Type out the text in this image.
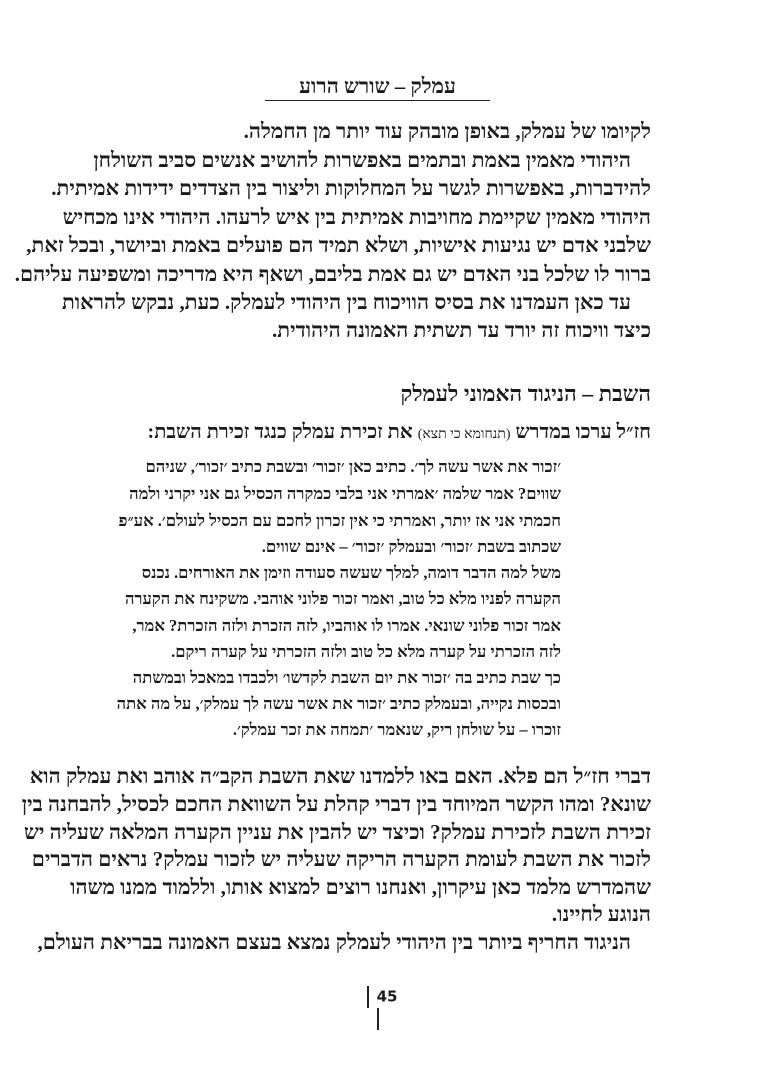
עמלק – שורש הרוע
לקיומו של עמלק, באופן מובהק עוד יותר מן החמלה.
היהודי מאמין באמת ובתמים באפשרות להושיב אנשים סביב השולחן
להידברות, באפשרות לגשר על המחלוקות וליצור בין הצדדים ידידות אמיתית.
היהודי מאמין שקיימת מחויבות אמיתית בין איש לרעהו. היהודי אינו מכחיש
שלבני אדם יש נגיעות אישיות, ושלא תמיד הם פועלים באמת וביושר, ובכל זאת,
ברור לו שלכל בני האדם יש גם אמת בליבם, ושאף היא מדריכה ומשפיעה עליהם.
עד כאן העמדנו את בסיס הוויכוח בין היהודי לעמלק. כעת, נבקש להראות
כיצד וויכוח זה יורד עד תשתית האמונה היהודית.
השבת – הניגוד האמוני לעמלק
חז״ל ערכו במדרש (תנחומא כי תצא) את זכירת עמלק כנגד זכירת השבת:
׳זכור את אשר עשה לך׳. כתיב כאן ׳זכור׳ ובשבת כתיב ׳זכור׳, שניהם
שווים? אמר שלמה ׳אמרתי אני בלבי כמקרה הכסיל גם אני יקרני ולמה
חכמתי אני אז יותר, ואמרתי כי אין זכרון לחכם עם הכסיל לעולם׳. אע״פ
שכתוב בשבת ׳זכור׳ ובעמלק ׳זכור׳ – אינם שווים.
משל למה הדבר דומה, למלך שעשה סעודה וזימן את האורחים. נכנס
הקערה לפניו מלא כל טוב, ואמר זכור פלוני אוהבי. משקינח את הקערה
אמר זכור פלוני שונאי. אמרו לו אוהביו, לזה הזכרת ולזה הזכרת? אמר,
לזה הזכרתי על קערה מלא כל טוב ולזה הזכרתי על קערה ריקם.
כך שבת כתיב בה ׳זכור את יום השבת לקדשו׳ ולכבדו במאכל ובמשתה
ובכסות נקייה, ובעמלק כתיב ׳זכור את אשר עשה לך עמלק׳, על מה אתה
זוכרו – על שולחן ריק, שנאמר ׳תמחה את זכר עמלק׳.
דברי חז״ל הם פלא. האם באו ללמדנו שאת השבת הקב״ה אוהב ואת עמלק הוא
שונא? ומהו הקשר המיוחד בין דברי קהלת על השוואת החכם לכסיל, להבחנה בין
זכירת השבת לזכירת עמלק? וכיצד יש להבין את עניין הקערה המלאה שעליה יש
לזכור את השבת לעומת הקערה הריקה שעליה יש לזכור עמלק? נראים הדברים
שהמדרש מלמד כאן עיקרון, ואנחנו רוצים למצוא אותו, וללמוד ממנו משהו
הנוגע לחיינו.
הניגוד החריף ביותר בין היהודי לעמלק נמצא בעצם האמונה בבריאת העולם,
45
